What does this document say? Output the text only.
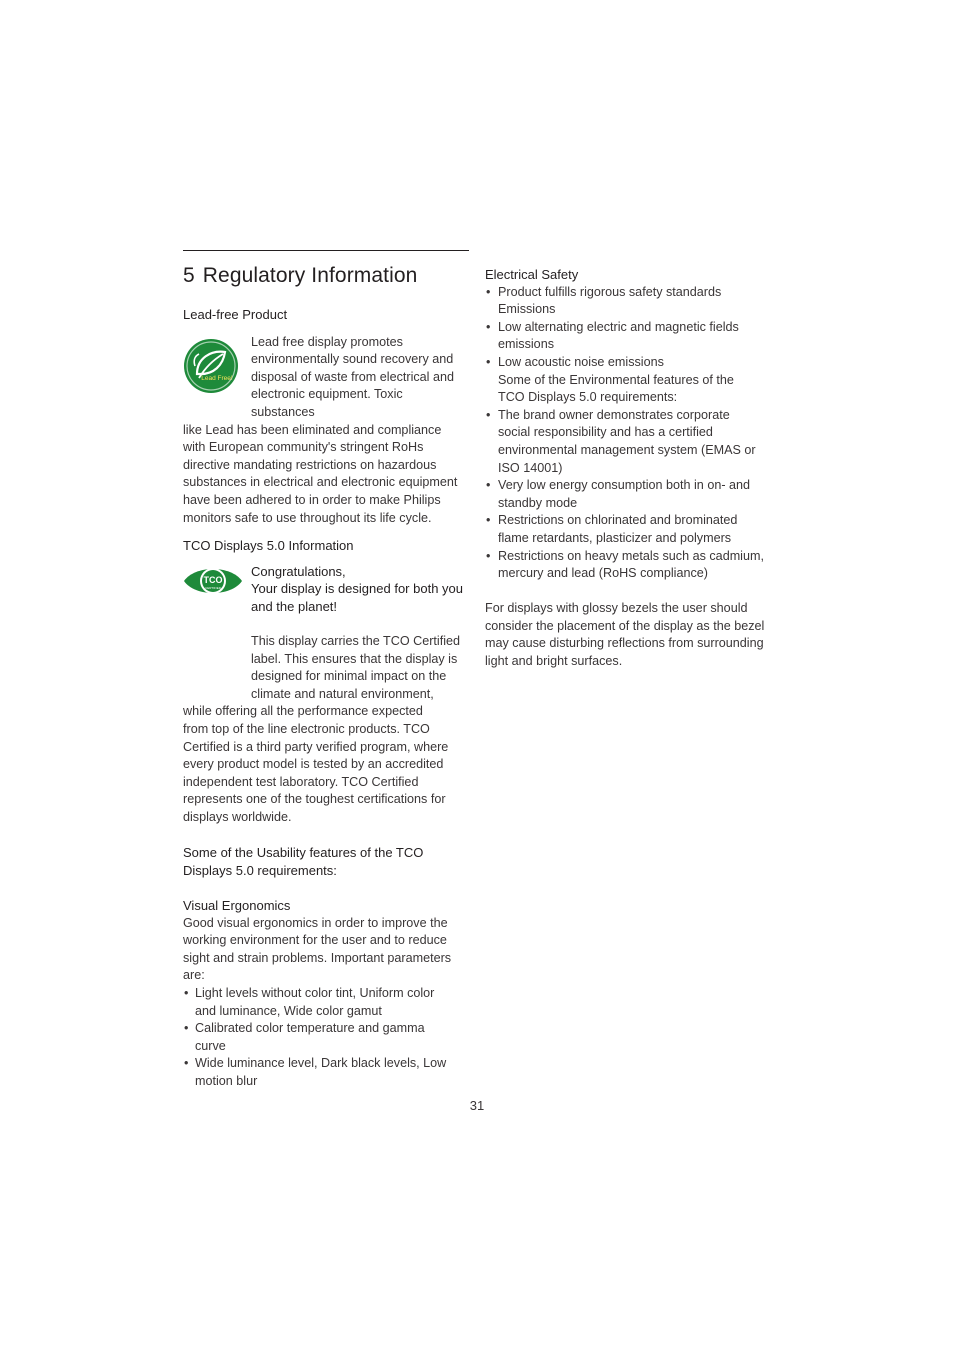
5 Regulatory Information

Lead-free Product

Lead Free!

Lead free display promotes

environmentally sound recovery and

disposal of waste from electrical and

electronic equipment. Toxic substances

like Lead has been eliminated and compliance

with European community's stringent RoHs

directive mandating restrictions on hazardous

substances in electrical and electronic equipment

have been adhered to in order to make Philips

monitors safe to use throughout its life cycle.

TCO Displays 5.0 Information

TCO
CERTIFIED

Congratulations,

Your display is designed for both you

and the planet!

This display carries the TCO Certified

label. This ensures that the display is

designed for minimal impact on the

climate and natural environment,

while offering all the performance expected

from top of the line electronic products. TCO

Certified is a third party verified program, where

every product model is tested by an accredited

independent test laboratory. TCO Certified

represents one of the toughest certifications for

displays worldwide.

Some of the Usability features of the TCO

Displays 5.0 requirements:

Visual Ergonomics

Good visual ergonomics in order to improve the

working environment for the user and to reduce

sight and strain problems. Important parameters

are:

• Light levels without color tint, Uniform color
and luminance, Wide color gamut
• Calibrated color temperature and gamma
curve
• Wide luminance level, Dark black levels, Low
motion blur

Electrical Safety

• Product fulfills rigorous safety standards
Emissions
• Low alternating electric and magnetic fields
emissions
• Low acoustic noise emissions
Some of the Environmental features of the
TCO Displays 5.0 requirements:
• The brand owner demonstrates corporate
social responsibility and has a certified
environmental management system (EMAS or
ISO 14001)
• Very low energy consumption both in on- and
standby mode
• Restrictions on chlorinated and brominated
flame retardants, plasticizer and polymers
• Restrictions on heavy metals such as cadmium,
mercury and lead (RoHS compliance)

For displays with glossy bezels the user should

consider the placement of the display as the bezel

may cause disturbing reflections from surrounding

light and bright surfaces.

31
